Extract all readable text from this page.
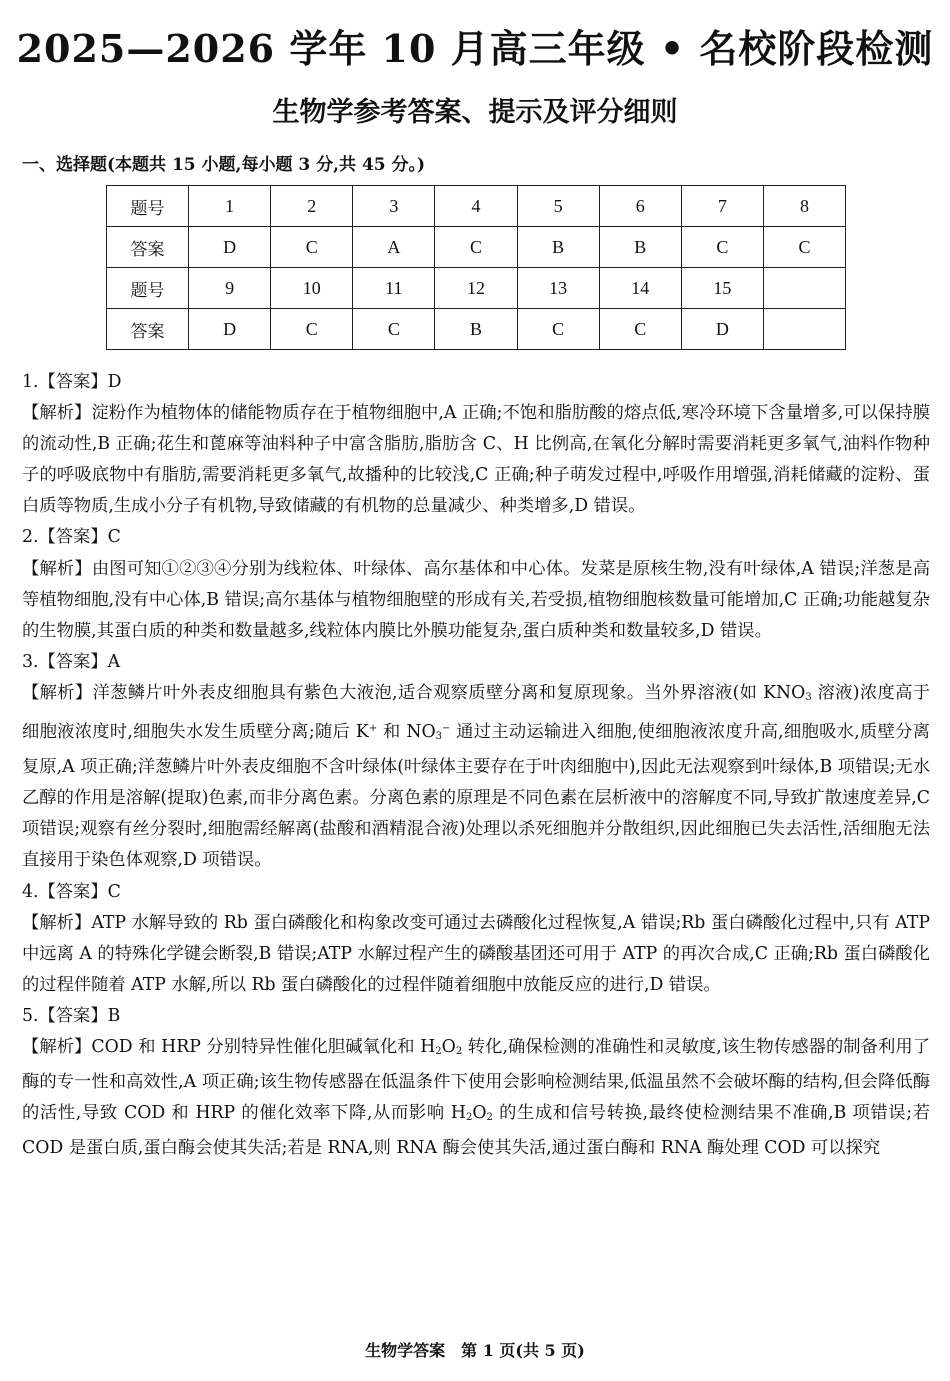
2025—2026 学年 10 月高三年级 • 名校阶段检测
生物学参考答案、提示及评分细则
一、选择题(本题共 15 小题,每小题 3 分,共 45 分。)
题号	1	2	3	4	5	6	7	8
答案	D	C	A	C	B	B	C	C
题号	9	10	11	12	13	14	15	
答案	D	C	C	B	C	C	D	
1.【答案】D
【解析】淀粉作为植物体的储能物质存在于植物细胞中,A 正确;不饱和脂肪酸的熔点低,寒冷环境下含量增多,可以保持膜的流动性,B 正确;花生和蓖麻等油料种子中富含脂肪,脂肪含 C、H 比例高,在氧化分解时需要消耗更多氧气,油料作物种子的呼吸底物中有脂肪,需要消耗更多氧气,故播种的比较浅,C 正确;种子萌发过程中,呼吸作用增强,消耗储藏的淀粉、蛋白质等物质,生成小分子有机物,导致储藏的有机物的总量减少、种类增多,D 错误。
2.【答案】C
【解析】由图可知①②③④分别为线粒体、叶绿体、高尔基体和中心体。发菜是原核生物,没有叶绿体,A 错误;洋葱是高等植物细胞,没有中心体,B 错误;高尔基体与植物细胞壁的形成有关,若受损,植物细胞核数量可能增加,C 正确;功能越复杂的生物膜,其蛋白质的种类和数量越多,线粒体内膜比外膜功能复杂,蛋白质种类和数量较多,D 错误。
3.【答案】A
【解析】洋葱鳞片叶外表皮细胞具有紫色大液泡,适合观察质壁分离和复原现象。当外界溶液(如 $KNO_3$ 溶液)浓度高于细胞液浓度时,细胞失水发生质壁分离;随后 K+ 和 $NO_3^-$ 通过主动运输进入细胞,使细胞液浓度升高,细胞吸水,质壁分离复原,A 项正确;洋葱鳞片叶外表皮细胞不含叶绿体(叶绿体主要存在于叶肉细胞中),因此无法观察到叶绿体,B 项错误;无水乙醇的作用是溶解(提取)色素,而非分离色素。分离色素的原理是不同色素在层析液中的溶解度不同,导致扩散速度差异,C 项错误;观察有丝分裂时,细胞需经解离(盐酸和酒精混合液)处理以杀死细胞并分散组织,因此细胞已失去活性,活细胞无法直接用于染色体观察,D 项错误。
4.【答案】C
【解析】ATP 水解导致的 Rb 蛋白磷酸化和构象改变可通过去磷酸化过程恢复,A 错误;Rb 蛋白磷酸化过程中,只有 ATP 中远离 A 的特殊化学键会断裂,B 错误;ATP 水解过程产生的磷酸基团还可用于 ATP 的再次合成,C 正确;Rb 蛋白磷酸化的过程伴随着 ATP 水解,所以 Rb 蛋白磷酸化的过程伴随着细胞中放能反应的进行,D 错误。
5.【答案】B
【解析】COD 和 HRP 分别特异性催化胆碱氧化和 $H_2O_2$ 转化,确保检测的准确性和灵敏度,该生物传感器的制备利用了酶的专一性和高效性,A 项正确;该生物传感器在低温条件下使用会影响检测结果,低温虽然不会破坏酶的结构,但会降低酶的活性,导致 COD 和 HRP 的催化效率下降,从而影响 $H_2O_2$ 的生成和信号转换,最终使检测结果不准确,B 项错误;若 COD 是蛋白质,蛋白酶会使其失活;若是 RNA,则 RNA 酶会使其失活,通过蛋白酶和 RNA 酶处理 COD 可以探究
生物学答案　第 1 页(共 5 页)
